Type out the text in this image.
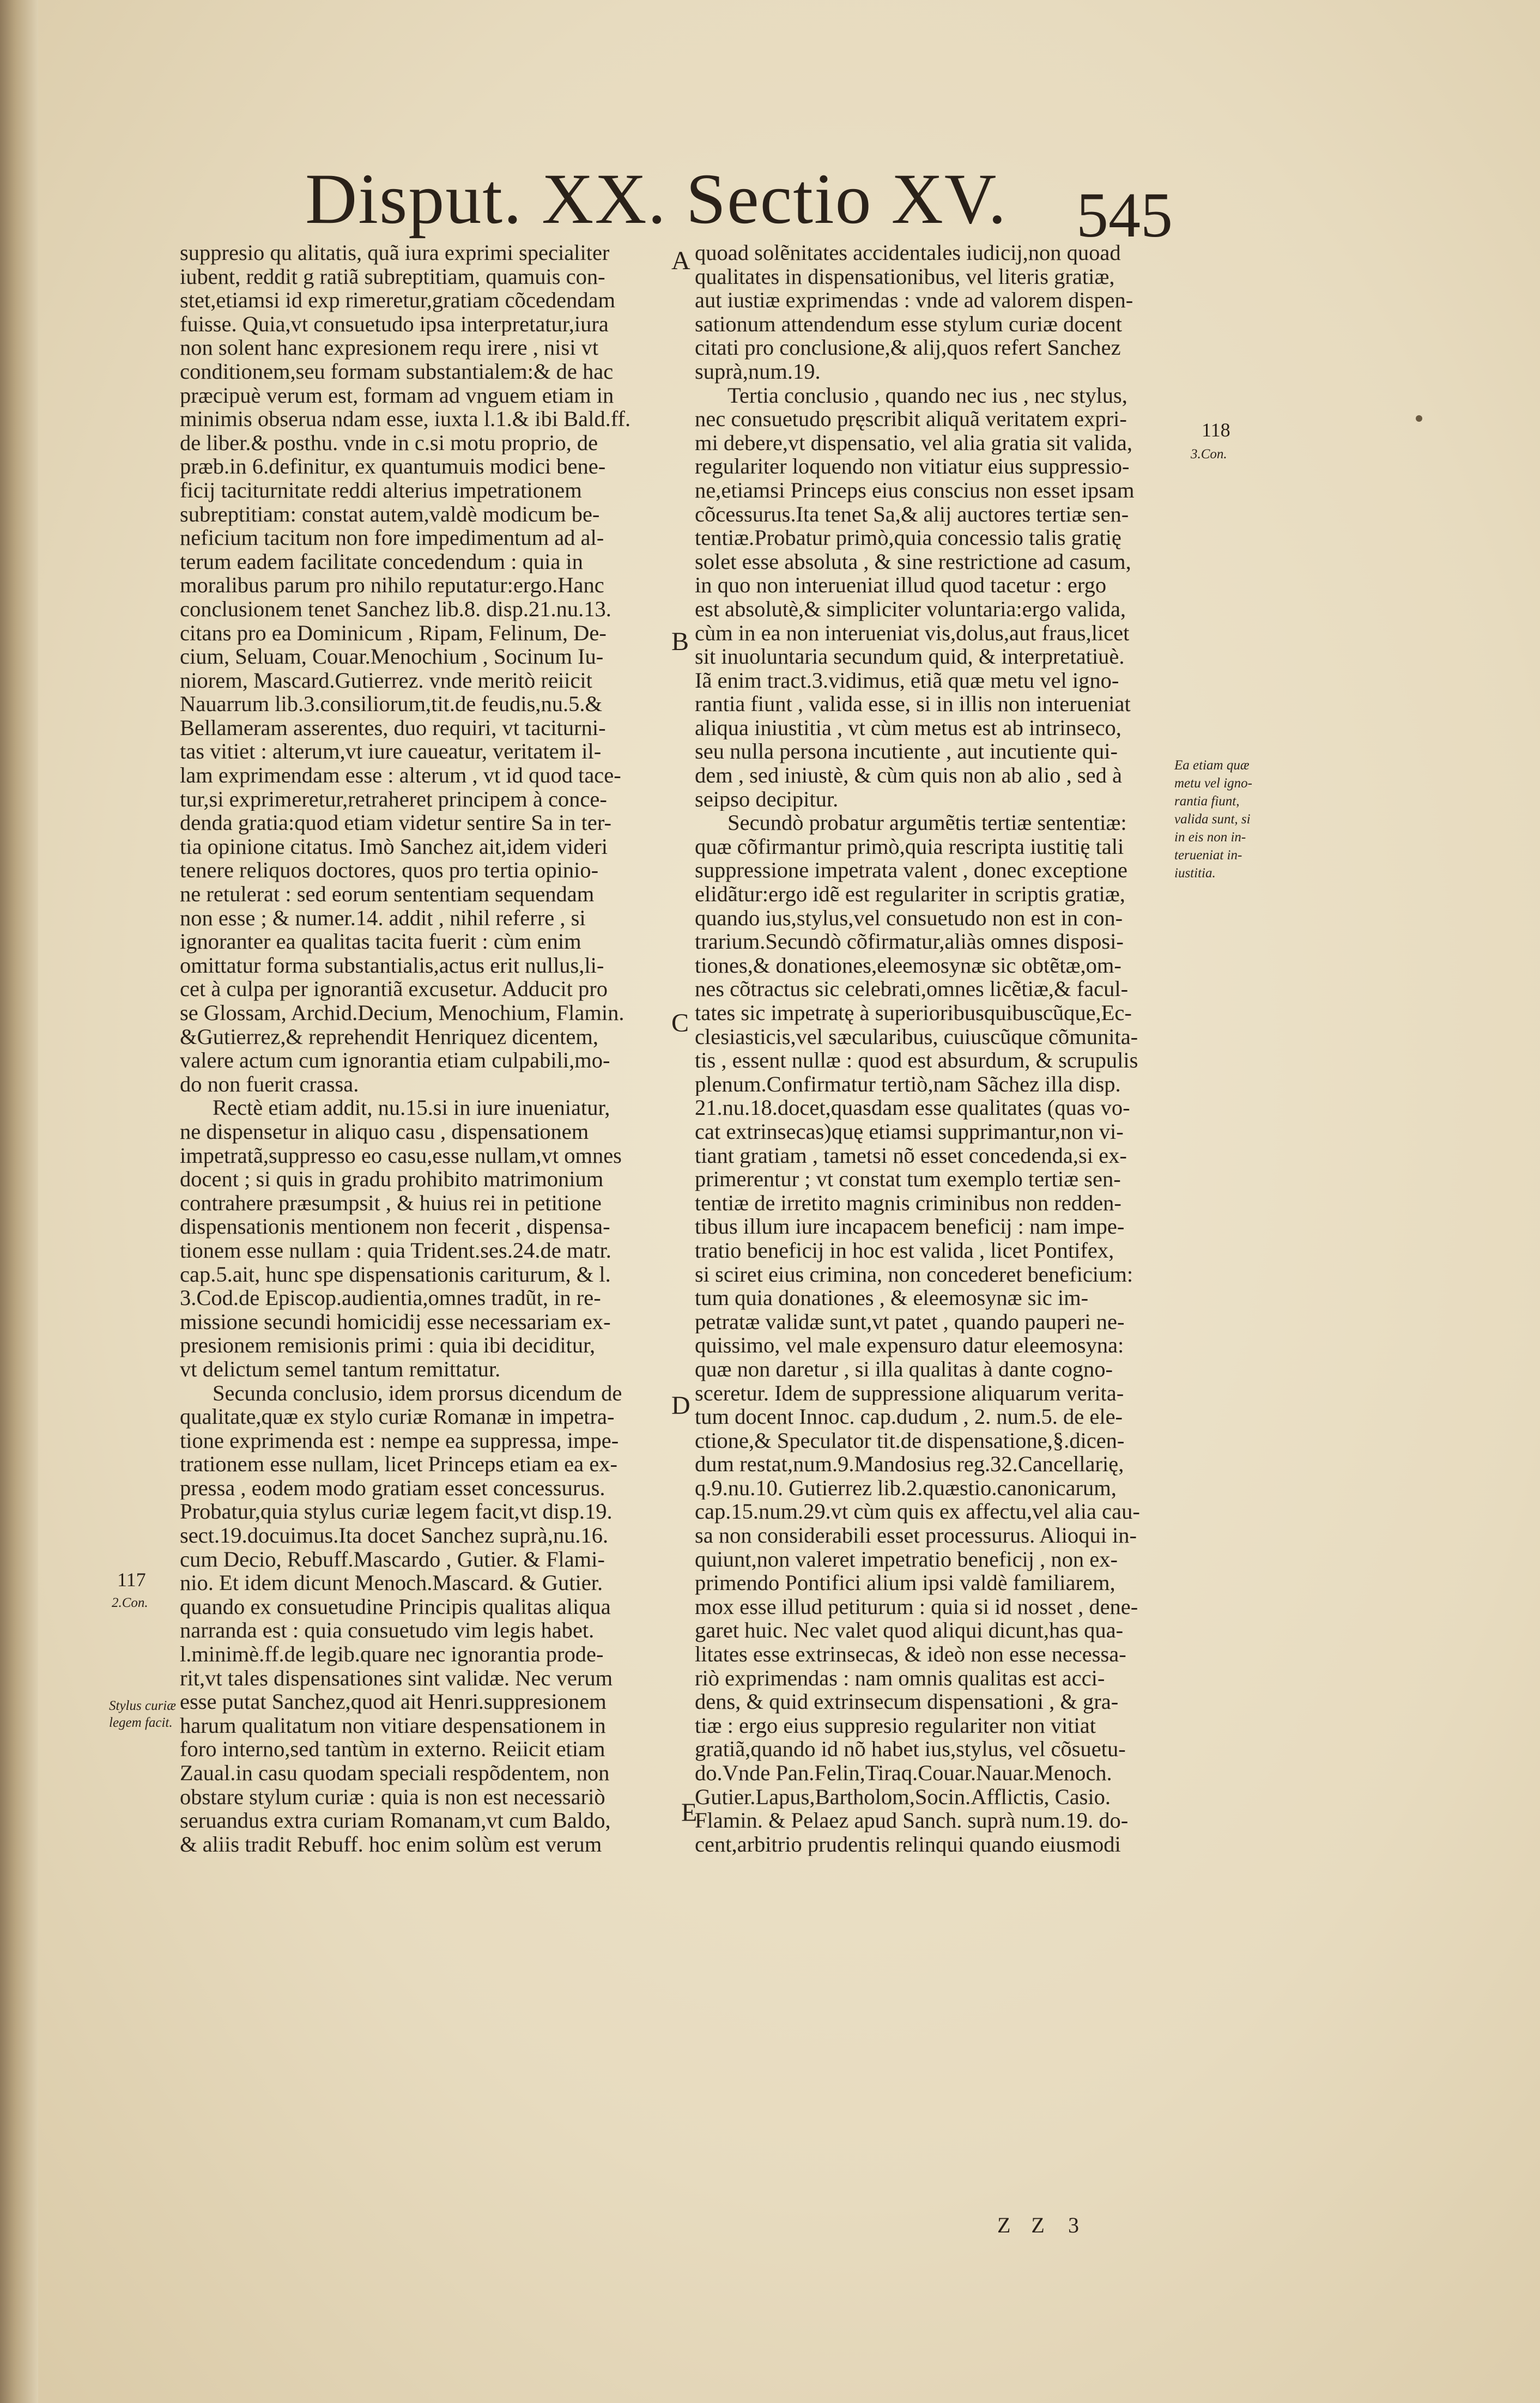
Disput. XX. Sectio XV. 545
suppresio qu alitatis, quã iura exprimi specialiter
iubent, reddit g ratiã subreptitiam, quamuis con-
stet,etiamsi id exp rimeretur,gratiam cõcedendam
fuisse. Quia,vt consuetudo ipsa interpretatur,iura
non solent hanc expresionem requ irere , nisi vt
conditionem,seu formam substantialem:& de hac
præcipuè verum est, formam ad vnguem etiam in
minimis obserua ndam esse, iuxta l.1.& ibi Bald.ff.
de liber.& posthu. vnde in c.si motu proprio, de
præb.in 6.definitur, ex quantumuis modici bene-
ficij taciturnitate reddi alterius impetrationem
subreptitiam: constat autem,valdè modicum be-
neficium tacitum non fore impedimentum ad al-
terum eadem facilitate concedendum : quia in
moralibus parum pro nihilo reputatur:ergo.Hanc
conclusionem tenet Sanchez lib.8. disp.21.nu.13.
citans pro ea Dominicum , Ripam, Felinum, De-
cium, Seluam, Couar.Menochium , Socinum Iu-
niorem, Mascard.Gutierrez. vnde meritò reiicit
Nauarrum lib.3.consiliorum,tit.de feudis,nu.5.&
Bellameram asserentes, duo requiri, vt taciturni-
tas vitiet : alterum,vt iure caueatur, veritatem il-
lam exprimendam esse : alterum , vt id quod tace-
tur,si exprimeretur,retraheret principem à conce-
denda gratia:quod etiam videtur sentire Sa in ter-
tia opinione citatus. Imò Sanchez ait,idem videri
tenere reliquos doctores, quos pro tertia opinio-
ne retulerat : sed eorum sententiam sequendam
non esse ; & numer.14. addit , nihil referre , si
ignoranter ea qualitas tacita fuerit : cùm enim
omittatur forma substantialis,actus erit nullus,li-
cet à culpa per ignorantiã excusetur. Adducit pro
se Glossam, Archid.Decium, Menochium, Flamin.
&Gutierrez,& reprehendit Henriquez dicentem,
valere actum cum ignorantia etiam culpabili,mo-
do non fuerit crassa.
Rectè etiam addit, nu.15.si in iure inueniatur,
ne dispensetur in aliquo casu , dispensationem
impetratã,suppresso eo casu,esse nullam,vt omnes
docent ; si quis in gradu prohibito matrimonium
contrahere præsumpsit , & huius rei in petitione
dispensationis mentionem non fecerit , dispensa-
tionem esse nullam : quia Trident.ses.24.de matr.
cap.5.ait, hunc spe dispensationis cariturum, & l.
3.Cod.de Episcop.audientia,omnes tradũt, in re-
missione secundi homicidij esse necessariam ex-
presionem remisionis primi : quia ibi deciditur,
vt delictum semel tantum remittatur.
Secunda conclusio, idem prorsus dicendum de
qualitate,quæ ex stylo curiæ Romanæ in impetra-
tione exprimenda est : nempe ea suppressa, impe-
trationem esse nullam, licet Princeps etiam ea ex-
pressa , eodem modo gratiam esset concessurus.
Probatur,quia stylus curiæ legem facit,vt disp.19.
sect.19.docuimus.Ita docet Sanchez suprà,nu.16.
cum Decio, Rebuff.Mascardo , Gutier. & Flami-
nio. Et idem dicunt Menoch.Mascard. & Gutier.
quando ex consuetudine Principis qualitas aliqua
narranda est : quia consuetudo vim legis habet.
l.minimè.ff.de legib.quare nec ignorantia prode-
rit,vt tales dispensationes sint validæ. Nec verum
esse putat Sanchez,quod ait Henri.suppresionem
harum qualitatum non vitiare despensationem in
foro interno,sed tantùm in externo. Reiicit etiam
Zaual.in casu quodam speciali respõdentem, non
obstare stylum curiæ : quia is non est necessariò
seruandus extra curiam Romanam,vt cum Baldo,
& aliis tradit Rebuff. hoc enim solùm est verum
quoad solẽnitates accidentales iudicij,non quoad
qualitates in dispensationibus, vel literis gratiæ,
aut iustiæ exprimendas : vnde ad valorem dispen-
sationum attendendum esse stylum curiæ docent
citati pro conclusione,& alij,quos refert Sanchez
suprà,num.19.
Tertia conclusio , quando nec ius , nec stylus,
nec consuetudo pręscribit aliquã veritatem expri-
mi debere,vt dispensatio, vel alia gratia sit valida,
regulariter loquendo non vitiatur eius suppressio-
ne,etiamsi Princeps eius conscius non esset ipsam
cõcessurus.Ita tenet Sa,& alij auctores tertiæ sen-
tentiæ.Probatur primò,quia concessio talis gratię
solet esse absoluta , & sine restrictione ad casum,
in quo non interueniat illud quod tacetur : ergo
est absolutè,& simpliciter voluntaria:ergo valida,
cùm in ea non interueniat vis,dolus,aut fraus,licet
sit inuoluntaria secundum quid, & interpretatiuè.
Iã enim tract.3.vidimus, etiã quæ metu vel igno-
rantia fiunt , valida esse, si in illis non interueniat
aliqua iniustitia , vt cùm metus est ab intrinseco,
seu nulla persona incutiente , aut incutiente qui-
dem , sed iniustè, & cùm quis non ab alio , sed à
seipso decipitur.
Secundò probatur argumẽtis tertiæ sententiæ:
quæ cõfirmantur primò,quia rescripta iustitię tali
suppressione impetrata valent , donec exceptione
elidãtur:ergo idẽ est regulariter in scriptis gratiæ,
quando ius,stylus,vel consuetudo non est in con-
trarium.Secundò cõfirmatur,aliàs omnes disposi-
tiones,& donationes,eleemosynæ sic obtẽtæ,om-
nes cõtractus sic celebrati,omnes licẽtiæ,& facul-
tates sic impetratę à superioribusquibuscũque,Ec-
clesiasticis,vel sæcularibus, cuiuscũque cõmunita-
tis , essent nullæ : quod est absurdum, & scrupulis
plenum.Confirmatur tertiò,nam Sãchez illa disp.
21.nu.18.docet,quasdam esse qualitates (quas vo-
cat extrinsecas)quę etiamsi supprimantur,non vi-
tiant gratiam , tametsi nõ esset concedenda,si ex-
primerentur ; vt constat tum exemplo tertiæ sen-
tentiæ de irretito magnis criminibus non redden-
tibus illum iure incapacem beneficij : nam impe-
tratio beneficij in hoc est valida , licet Pontifex,
si sciret eius crimina, non concederet beneficium:
tum quia donationes , & eleemosynæ sic im-
petratæ validæ sunt,vt patet , quando pauperi ne-
quissimo, vel male expensuro datur eleemosyna:
quæ non daretur , si illa qualitas à dante cogno-
sceretur. Idem de suppressione aliquarum verita-
tum docent Innoc. cap.dudum , 2. num.5. de ele-
ctione,& Speculator tit.de dispensatione,§.dicen-
dum restat,num.9.Mandosius reg.32.Cancellarię,
q.9.nu.10. Gutierrez lib.2.quæstio.canonicarum,
cap.15.num.29.vt cùm quis ex affectu,vel alia cau-
sa non considerabili esset processurus. Alioqui in-
quiunt,non valeret impetratio beneficij , non ex-
primendo Pontifici alium ipsi valdè familiarem,
mox esse illud petiturum : quia si id nosset , dene-
garet huic. Nec valet quod aliqui dicunt,has qua-
litates esse extrinsecas, & ideò non esse necessa-
riò exprimendas : nam omnis qualitas est acci-
dens, & quid extrinsecum dispensationi , & gra-
tiæ : ergo eius suppresio regulariter non vitiat
gratiã,quando id nõ habet ius,stylus, vel cõsuetu-
do.Vnde Pan.Felin,Tiraq.Couar.Nauar.Menoch.
Gutier.Lapus,Bartholom,Socin.Afflictis, Casio.
Flamin. & Pelaez apud Sanch. suprà num.19. do-
cent,arbitrio prudentis relinqui quando eiusmodi
A
B
C
D
E
118
3.Con.
Ea etiam quæ
metu vel igno-
rantia fiunt,
valida sunt, si
in eis non in-
terueniat in-
iustitia.
117
2.Con.
Stylus curiæ
legem facit.
Z Z 3
